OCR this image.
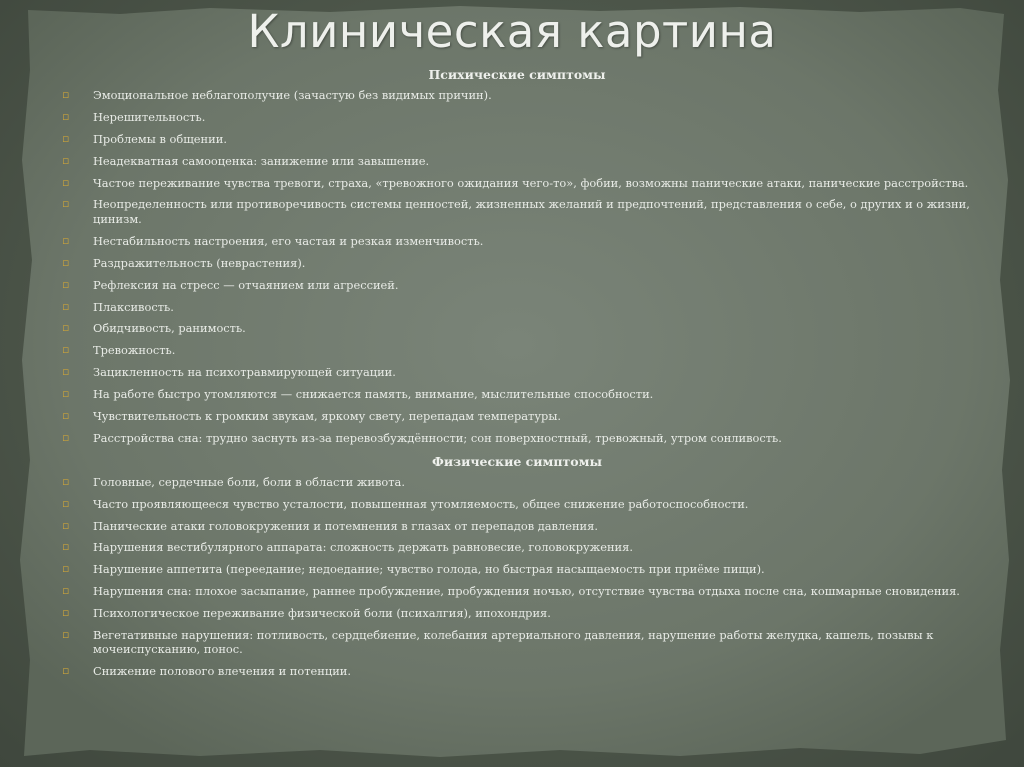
Клиническая картина
Психические симптомы
▫ Эмоциональное неблагополучие (зачастую без видимых причин).
▫ Нерешительность.
▫ Проблемы в общении.
▫ Неадекватная самооценка: занижение или завышение.
▫ Частое переживание чувства тревоги, страха, «тревожного ожидания чего-то», фобии, возможны панические атаки, панические расстройства.
▫ Неопределенность или противоречивость системы ценностей, жизненных желаний и предпочтений, представления о себе, о других и о жизни, цинизм.
▫ Нестабильность настроения, его частая и резкая изменчивость.
▫ Раздражительность (неврастения).
▫ Рефлексия на стресс — отчаянием или агрессией.
▫ Плаксивость.
▫ Обидчивость, ранимость.
▫ Тревожность.
▫ Зацикленность на психотравмирующей ситуации.
▫ На работе быстро утомляются — снижается память, внимание, мыслительные способности.
▫ Чувствительность к громким звукам, яркому свету, перепадам температуры.
▫ Расстройства сна: трудно заснуть из-за перевозбуждённости; сон поверхностный, тревожный, утром сонливость.
Физические симптомы
▫ Головные, сердечные боли, боли в области живота.
▫ Часто проявляющееся чувство усталости, повышенная утомляемость, общее снижение работоспособности.
▫ Панические атаки головокружения и потемнения в глазах от перепадов давления.
▫ Нарушения вестибулярного аппарата: сложность держать равновесие, головокружения.
▫ Нарушение аппетита (переедание; недоедание; чувство голода, но быстрая насыщаемость при приёме пищи).
▫ Нарушения сна: плохое засыпание, раннее пробуждение, пробуждения ночью, отсутствие чувства отдыха после сна, кошмарные сновидения.
▫ Психологическое переживание физической боли (психалгия), ипохондрия.
▫ Вегетативные нарушения: потливость, сердцебиение, колебания артериального давления, нарушение работы желудка, кашель, позывы к мочеиспусканию, понос.
▫ Снижение полового влечения и потенции.
